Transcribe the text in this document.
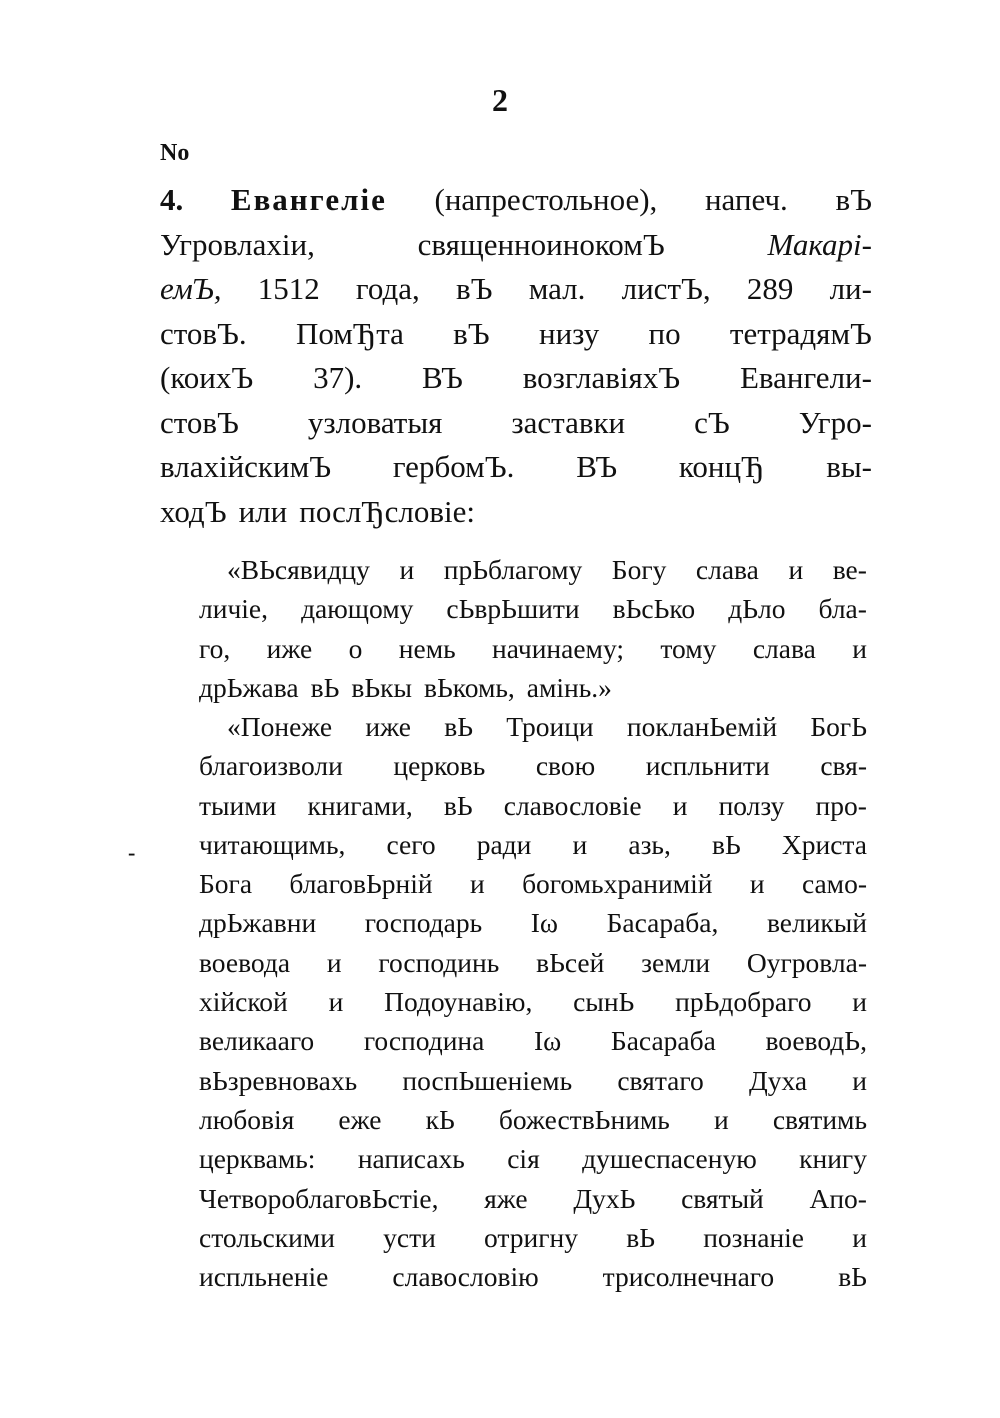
2
No
-
4. Евангеліе (напрестольное), напеч. вЪ
Угровлахіи,	священноинокомЪ	Макарі-
емЪ, 1512 года, вЪ мал. листЪ, 289 ли-
стовЪ. ПомЂта вЪ низу по тетрадямЪ
(коихЪ 37). ВЪ возглавіяхЪ Евангели-
стовЪ узловатыя заставки сЪ Угро-
влахійскимЪ гербомЪ. ВЪ концЂ вы-
ходЪ или послЂсловіе:
«ВЬсявидцу и прЬблагому Богу слава и ве-
личіе, дающому сЬврЬшити вЬсЬко дЬло бла-
го, иже о немь начинаему; тому слава и
дрЬжава вЬ вЬкы вЬкомь, амінь.»
«Понеже иже вЬ Троици покланЬемій БогЬ
благоизволи церковь свою испльнити свя-
тыими книгами, вЬ славословіе и ползу про-
читающимь, сего ради и азь, вЬ Христа
Бога благовЬрній и богомьхранимій и само-
дрЬжавни господарь Іω Басараба, великый
воевода и господинь вЬсей земли Оугровла-
хійской и Подоунавію, сынЬ прЬдобраго и
великааго господина Іω Басараба воеводЬ,
вЬзревновахь поспЬшеніемь святаго Духа и
любовія еже кЬ божествЬнимь и святимь
церквамь: написахь сія душеспасеную книгу
ЧетвороблаговЬстіе, яже ДухЬ святый Апо-
стольскими усти отригну вЬ познаніе и
испльненіе славословію трисолнечнаго вЬ
